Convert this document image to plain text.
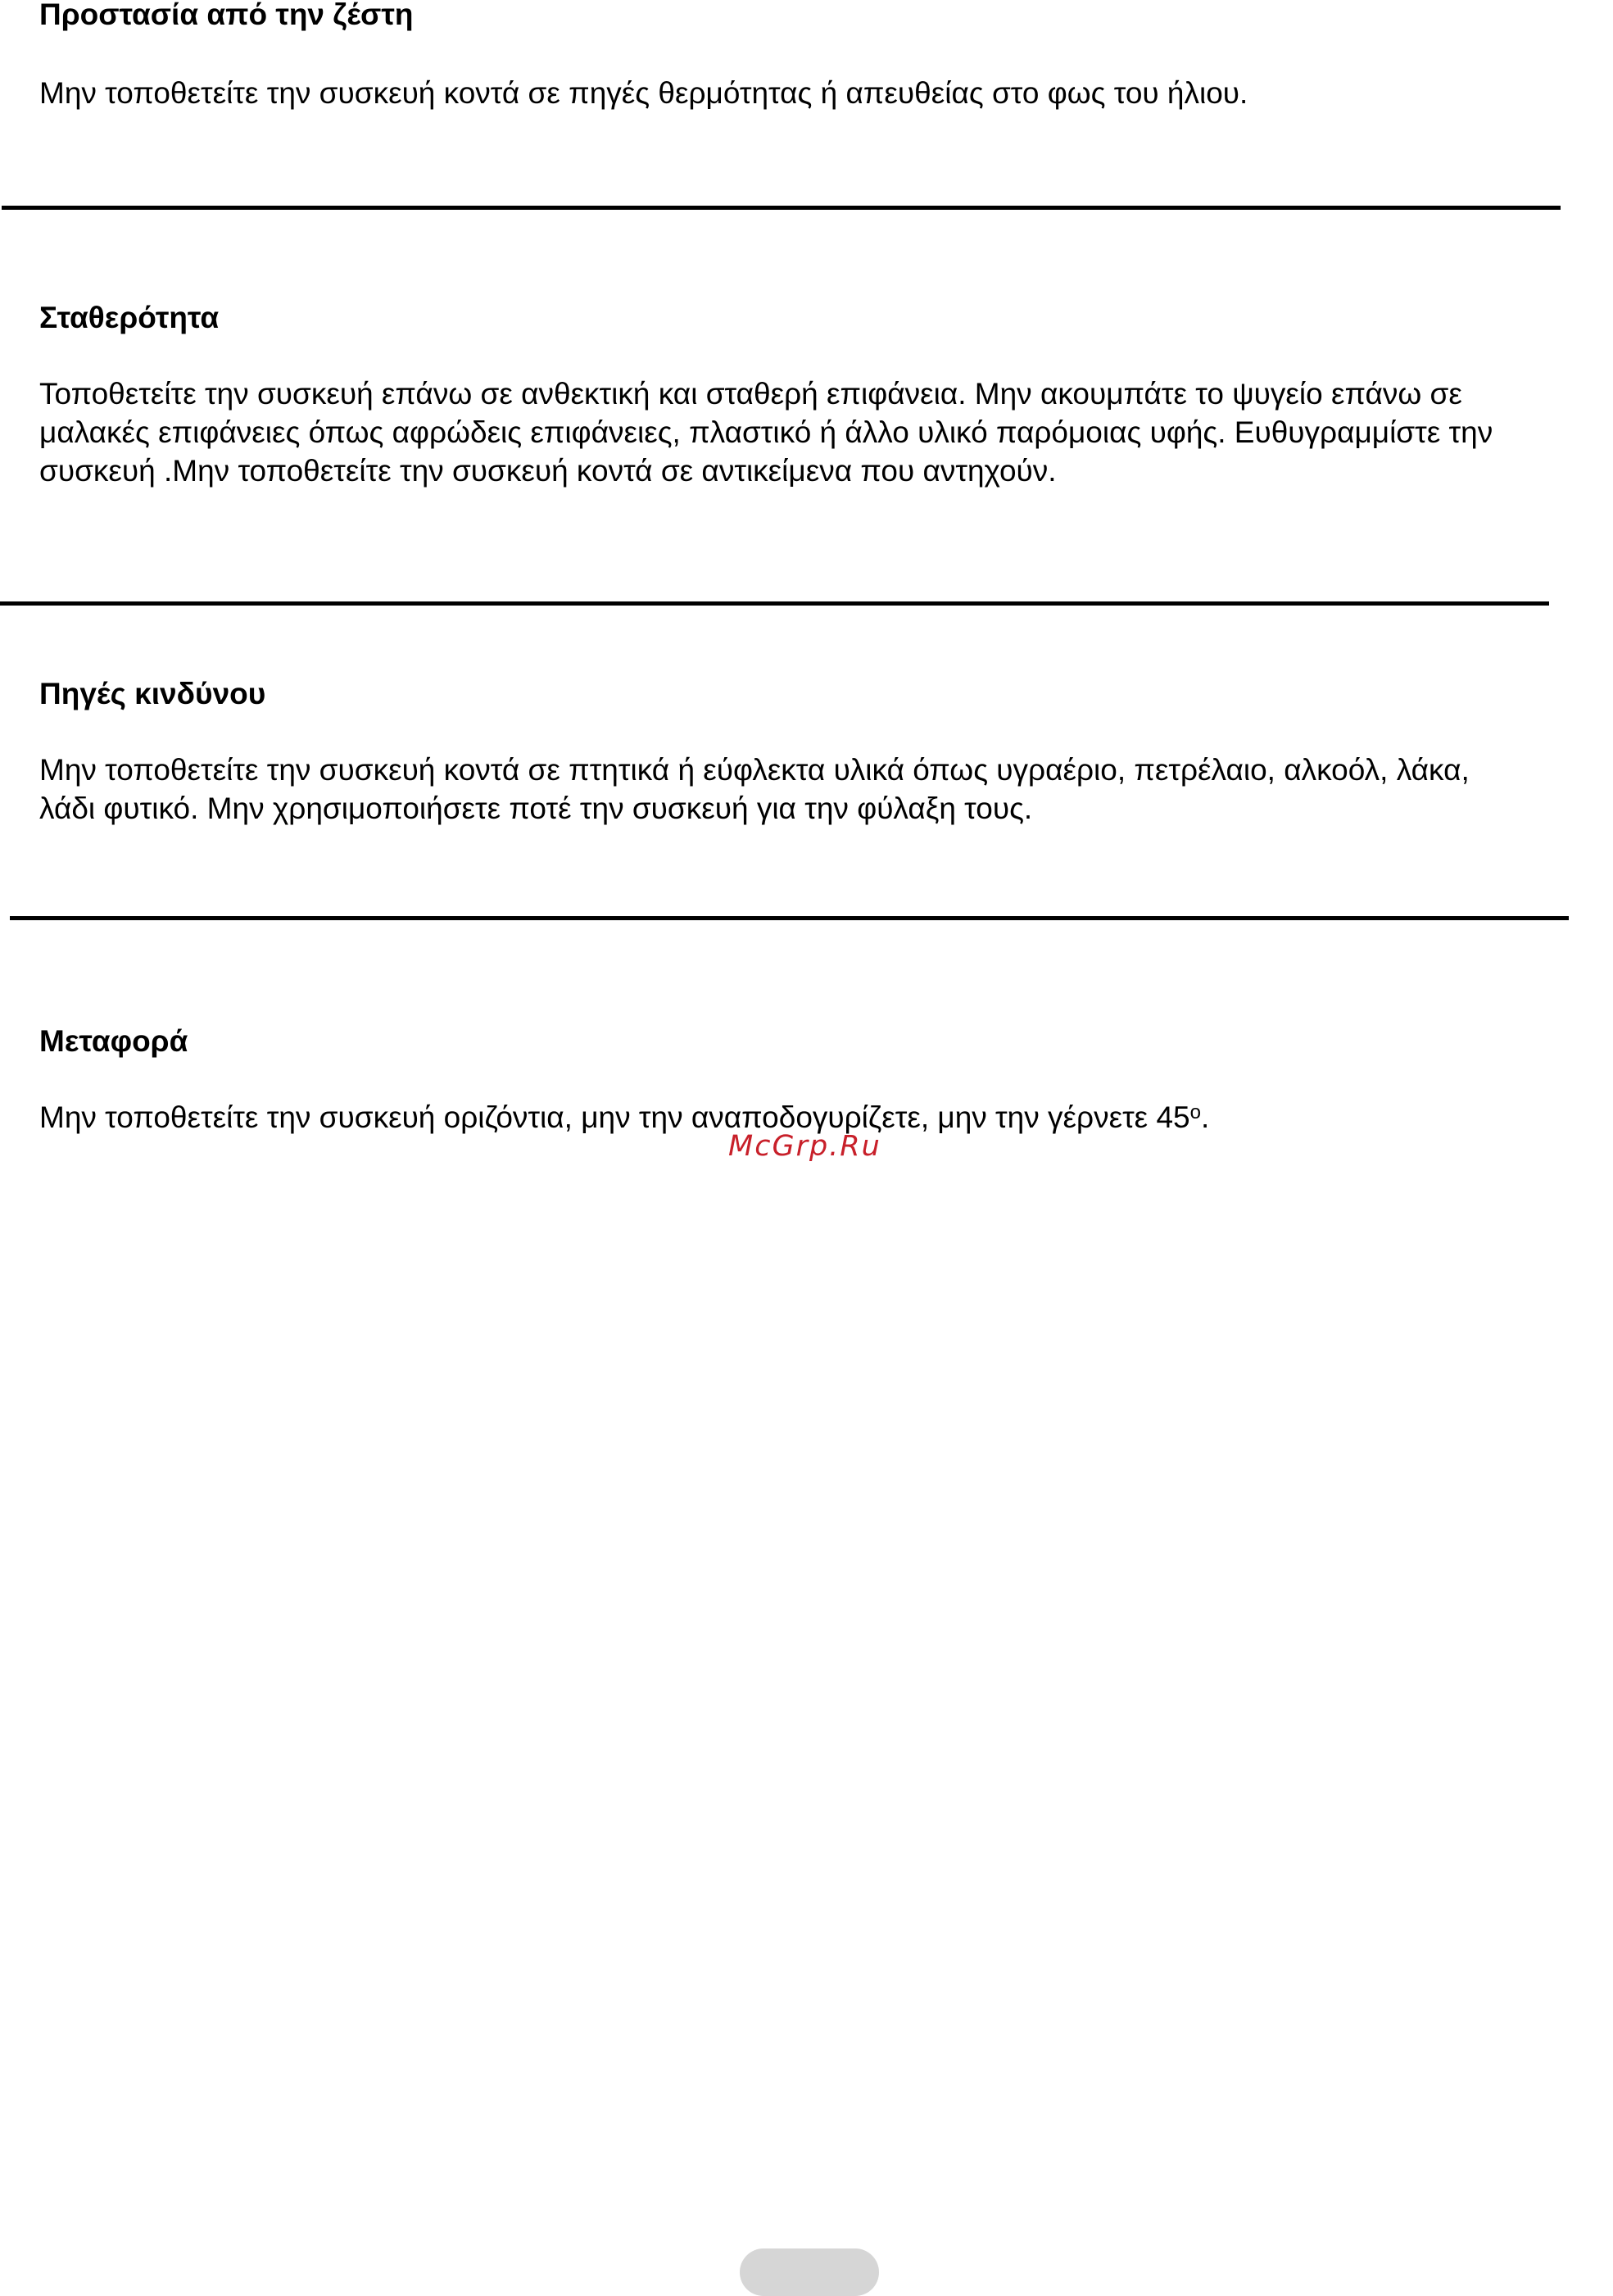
Προστασία από την ζέστη

Μην τοποθετείτε την συσκευή κοντά σε πηγές θερμότητας ή απευθείας στο φως του ήλιου.

Σταθερότητα

Τοποθετείτε την συσκευή επάνω σε ανθεκτική και σταθερή επιφάνεια. Μην ακουμπάτε το ψυγείο επάνω σε

μαλακές επιφάνειες όπως αφρώδεις επιφάνειες, πλαστικό ή άλλο υλικό παρόμοιας υφής. Ευθυγραμμίστε την

συσκευή .Μην τοποθετείτε την συσκευή κοντά σε αντικείμενα που αντηχούν.

Πηγές κινδύνου

Μην τοποθετείτε την συσκευή κοντά σε πτητικά ή εύφλεκτα υλικά όπως υγραέριο, πετρέλαιο, αλκοόλ, λάκα,

λάδι φυτικό. Μην χρησιμοποιήσετε ποτέ την συσκευή για την φύλαξη τους.

Μεταφορά

Μην τοποθετείτε την συσκευή οριζόντια, μην την αναποδογυρίζετε, μην την γέρνετε 45$^o$.

McGrp.Ru
